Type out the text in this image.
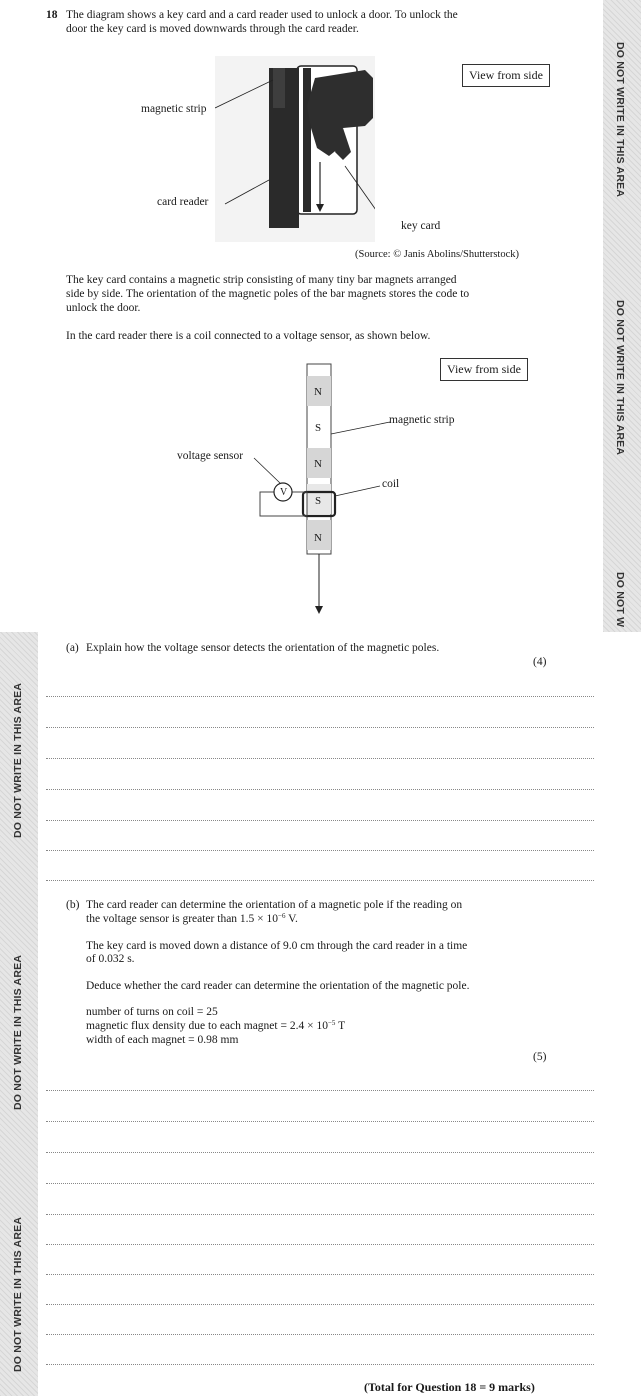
DO NOT WRITE IN THIS AREA
DO NOT WRITE IN THIS AREA
DO NOT W
DO NOT WRITE IN THIS AREA
DO NOT WRITE IN THIS AREA
DO NOT WRITE IN THIS AREA
18 The diagram shows a key card and a card reader used to unlock a door. To unlock the
door the key card is moved downwards through the card reader.
View from side
magnetic strip
card reader
key card
(Source: © Janis Abolins/Shutterstock)
The key card contains a magnetic strip consisting of many tiny bar magnets arranged
side by side. The orientation of the magnetic poles of the bar magnets stores the code to
unlock the door.
In the card reader there is a coil connected to a voltage sensor, as shown below.
N
S
N
S
N
V
View from side
magnetic strip
voltage sensor
coil
(a) Explain how the voltage sensor detects the orientation of the magnetic poles.
(4)
(b) The card reader can determine the orientation of a magnetic pole if the reading on
the voltage sensor is greater than $1.5 \times 10^{-6}$ V.
The key card is moved down a distance of 9.0 cm through the card reader in a time
of 0.032 s.
Deduce whether the card reader can determine the orientation of the magnetic pole.
number of turns on coil = 25
magnetic flux density due to each magnet = $2.4 \times 10^{-5}$ T
width of each magnet = 0.98 mm
(5)
(Total for Question 18 = 9 marks)
